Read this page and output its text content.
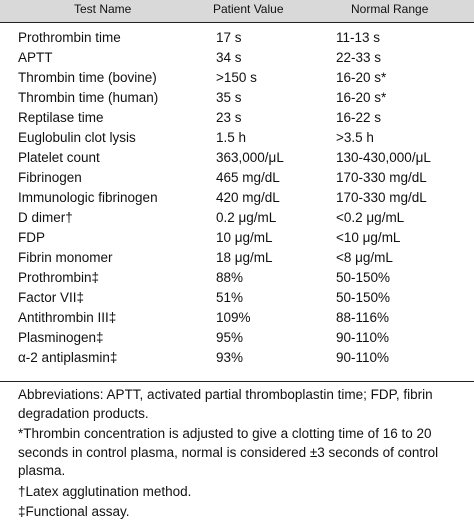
Test Name	Patient Value	Normal Range
Prothrombin time	17 s	11-13 s
APTT	34 s	22-33 s
Thrombin time (bovine)	>150 s	16-20 s*
Thrombin time (human)	35 s	16-20 s*
Reptilase time	23 s	16-22 s
Euglobulin clot lysis	1.5 h	>3.5 h
Platelet count	363,000/μL	130-430,000/μL
Fibrinogen	465 mg/dL	170-330 mg/dL
Immunologic fibrinogen	420 mg/dL	170-330 mg/dL
D dimer†	0.2 μg/mL	<0.2 μg/mL
FDP	10 μg/mL	<10 μg/mL
Fibrin monomer	18 μg/mL	<8 μg/mL
Prothrombin‡	88%	50-150%
Factor VII‡	51%	50-150%
Antithrombin III‡	109%	88-116%
Plasminogen‡	95%	90-110%
α-2 antiplasmin‡	93%	90-110%

Abbreviations: APTT, activated partial thromboplastin time; FDP, fibrin degradation products.

*Thrombin concentration is adjusted to give a clotting time of 16 to 20 seconds in control plasma, normal is considered ±3 seconds of control plasma.

†Latex agglutination method.

‡Functional assay.
